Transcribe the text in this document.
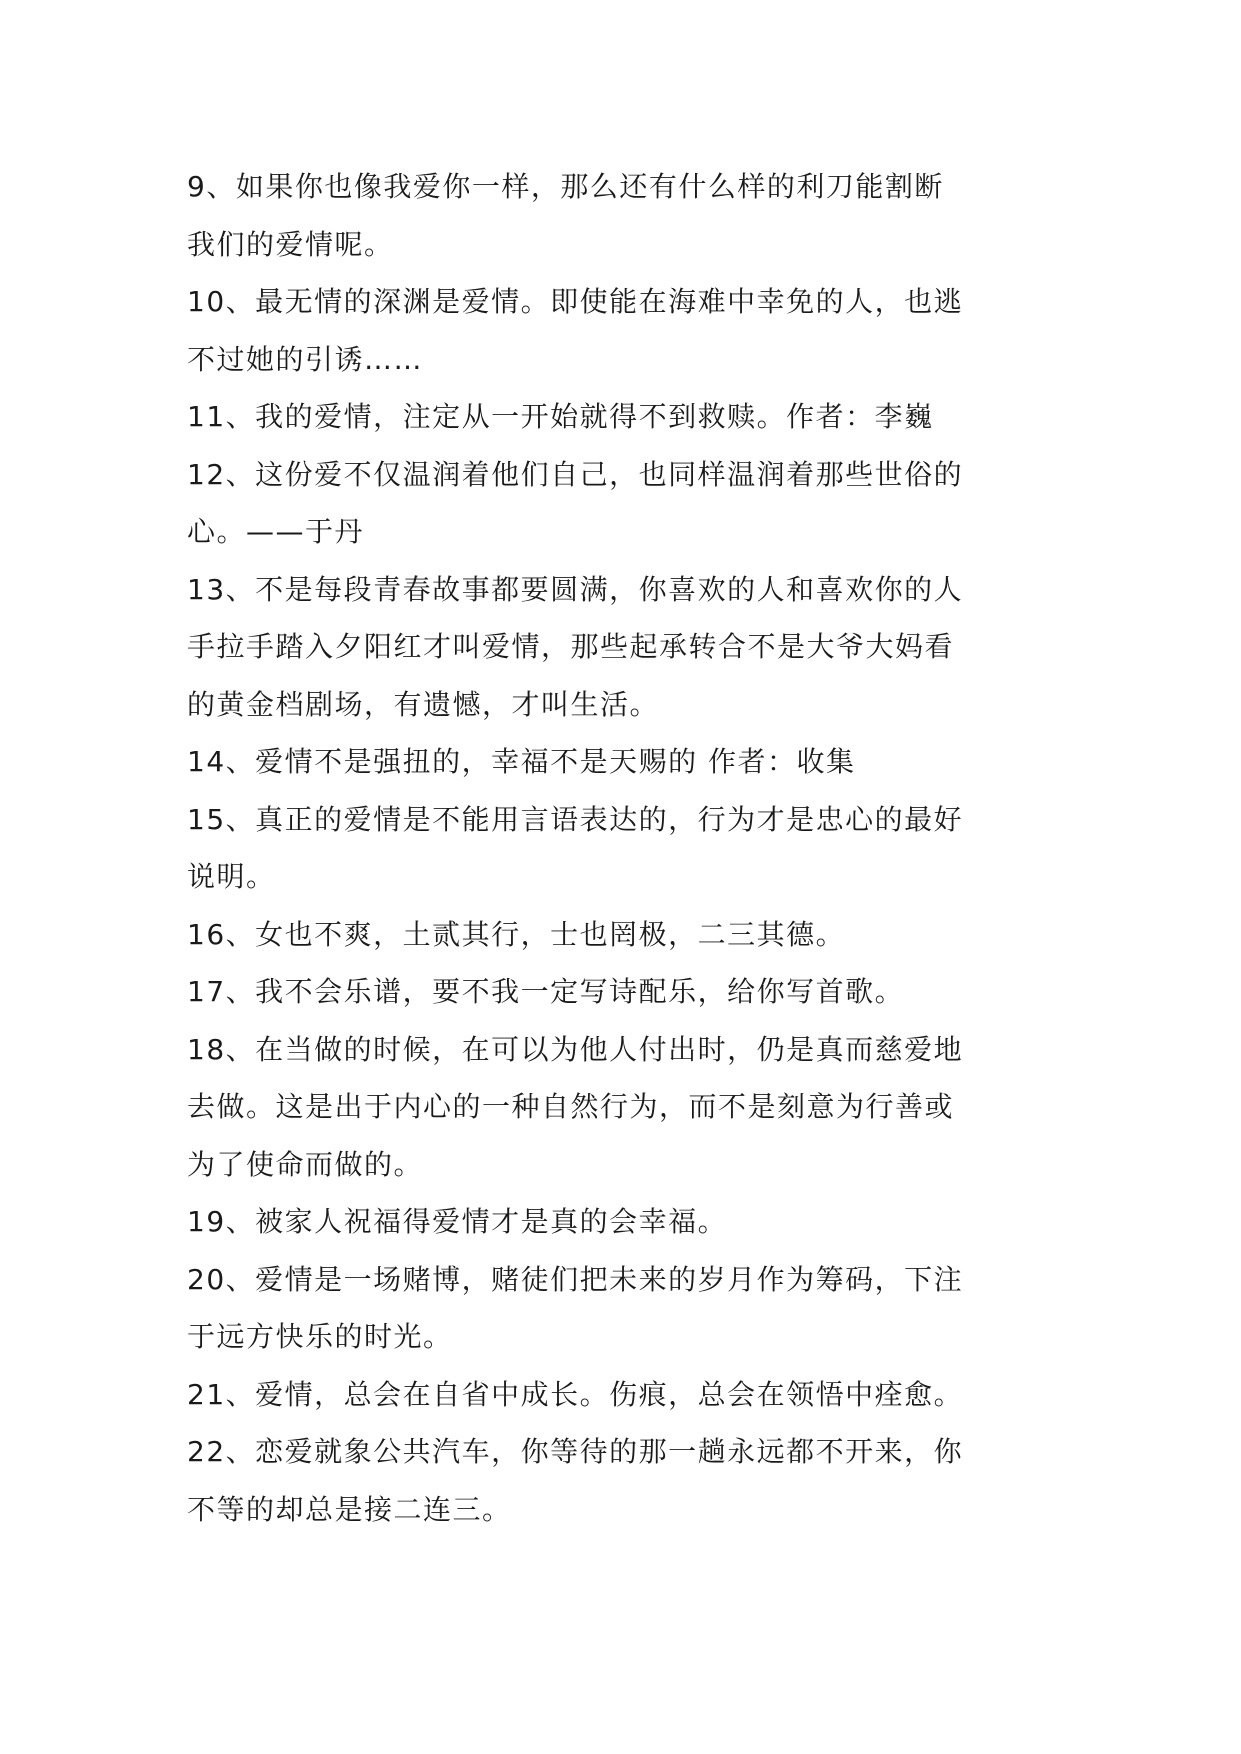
9、如果你也像我爱你一样，那么还有什么样的利刀能割断
我们的爱情呢。
10、最无情的深渊是爱情。即使能在海难中幸免的人，也逃
不过她的引诱……
11、我的爱情，注定从一开始就得不到救赎。作者：李巍
12、这份爱不仅温润着他们自己，也同样温润着那些世俗的
心。——于丹
13、不是每段青春故事都要圆满，你喜欢的人和喜欢你的人
手拉手踏入夕阳红才叫爱情，那些起承转合不是大爷大妈看
的黄金档剧场，有遗憾，才叫生活。
14、爱情不是强扭的，幸福不是天赐的 作者：收集
15、真正的爱情是不能用言语表达的，行为才是忠心的最好
说明。
16、女也不爽，土贰其行，士也罔极，二三其德。
17、我不会乐谱，要不我一定写诗配乐，给你写首歌。
18、在当做的时候，在可以为他人付出时，仍是真而慈爱地
去做。这是出于内心的一种自然行为，而不是刻意为行善或
为了使命而做的。
19、被家人祝福得爱情才是真的会幸福。
20、爱情是一场赌博，赌徒们把未来的岁月作为筹码，下注
于远方快乐的时光。
21、爱情，总会在自省中成长。伤痕，总会在领悟中痊愈。
22、恋爱就象公共汽车，你等待的那一趟永远都不开来，你
不等的却总是接二连三。
